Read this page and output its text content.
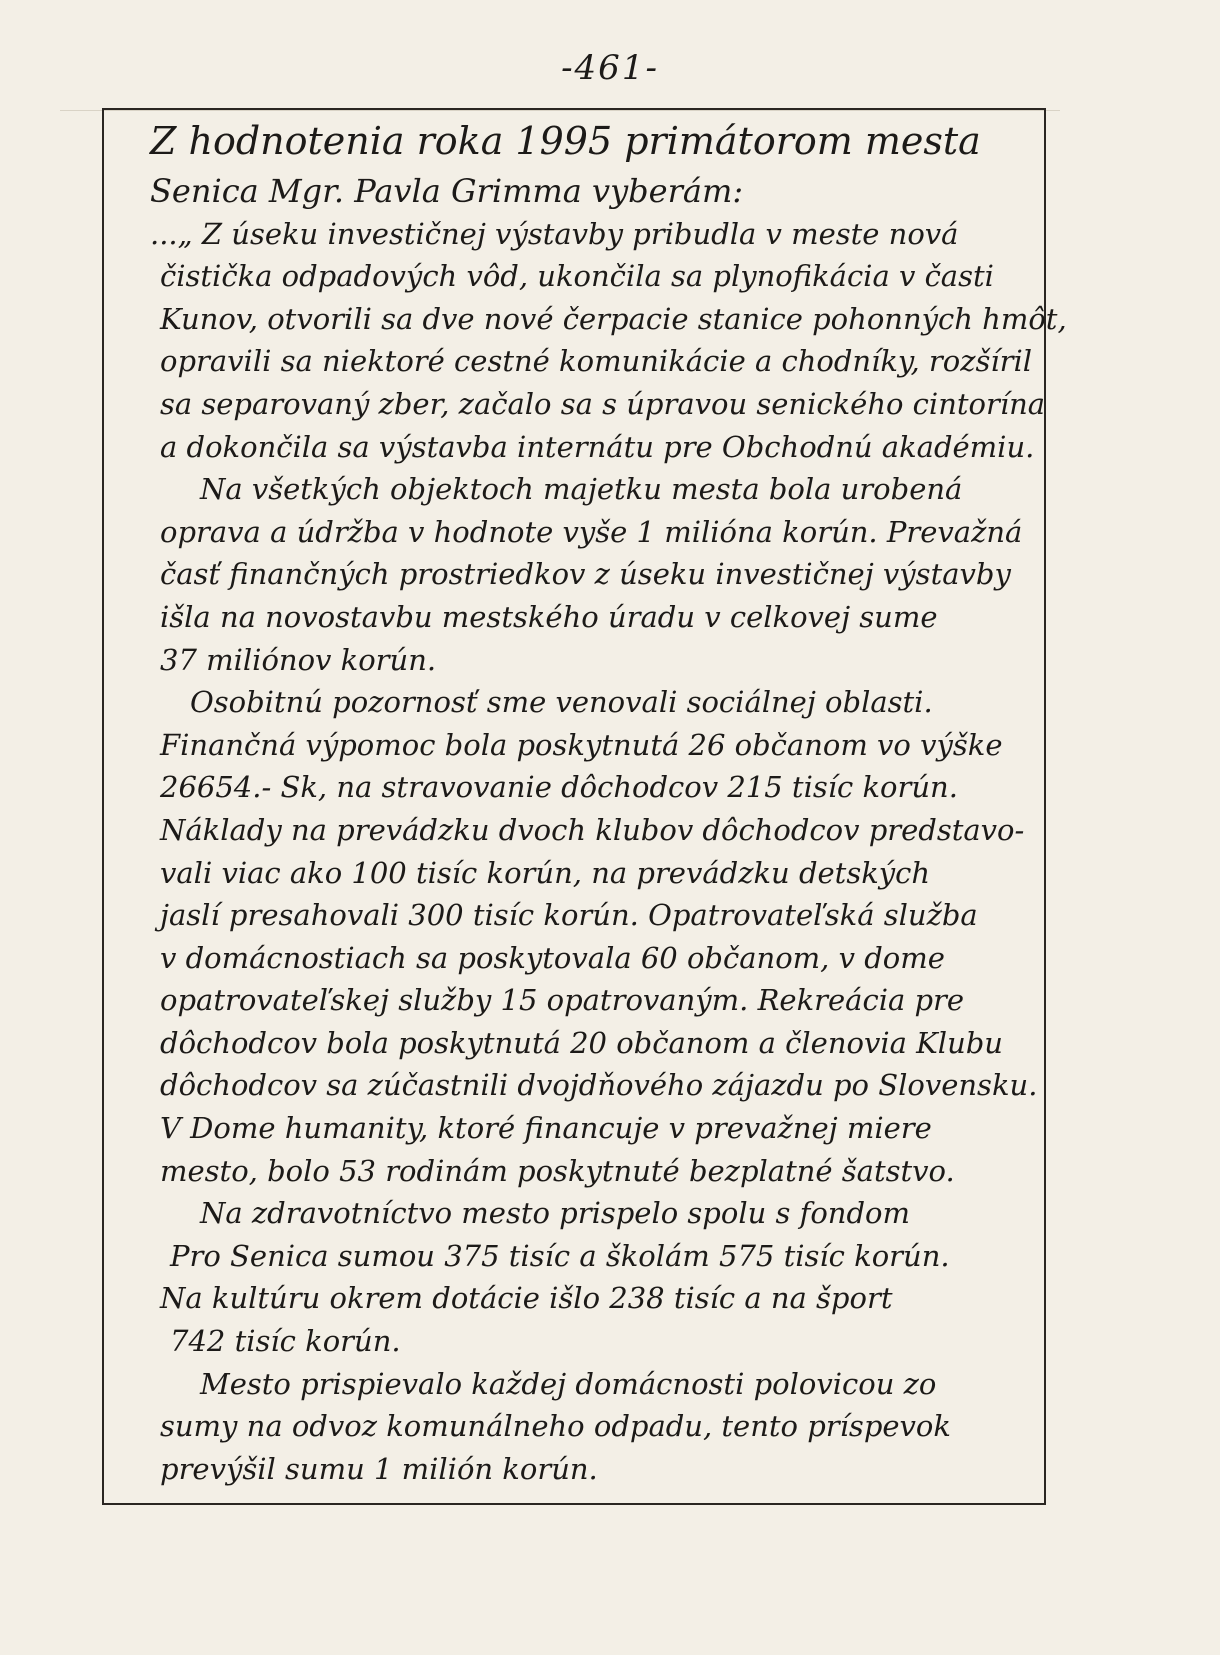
-461-
Z hodnotenia roka 1995 primátorom mesta
Senica Mgr. Pavla Grimma vyberám:
...„ Z úseku investičnej výstavby pribudla v meste nová
čistička odpadových vôd, ukončila sa plynofikácia v časti
Kunov, otvorili sa dve nové čerpacie stanice pohonných hmôt,
opravili sa niektoré cestné komunikácie a chodníky, rozšíril
sa separovaný zber, začalo sa s úpravou senického cintorína
a dokončila sa výstavba internátu pre Obchodnú akadémiu.
Na všetkých objektoch majetku mesta bola urobená
oprava a údržba v hodnote vyše 1 milióna korún. Prevažná
časť finančných prostriedkov z úseku investičnej výstavby
išla na novostavbu mestského úradu v celkovej sume
37 miliónov korún.
Osobitnú pozornosť sme venovali sociálnej oblasti.
Finančná výpomoc bola poskytnutá 26 občanom vo výške
26654.- Sk, na stravovanie dôchodcov 215 tisíc korún.
Náklady na prevádzku dvoch klubov dôchodcov predstavo-
vali viac ako 100 tisíc korún, na prevádzku detských
jaslí presahovali 300 tisíc korún. Opatrovateľská služba
v domácnostiach sa poskytovala 60 občanom, v dome
opatrovateľskej služby 15 opatrovaným. Rekreácia pre
dôchodcov bola poskytnutá 20 občanom a členovia Klubu
dôchodcov sa zúčastnili dvojdňového zájazdu po Slovensku.
V Dome humanity, ktoré financuje v prevažnej miere
mesto, bolo 53 rodinám poskytnuté bezplatné šatstvo.
Na zdravotníctvo mesto prispelo spolu s fondom
Pro Senica sumou 375 tisíc a školám 575 tisíc korún.
Na kultúru okrem dotácie išlo 238 tisíc a na šport
742 tisíc korún.
Mesto prispievalo každej domácnosti polovicou zo
sumy na odvoz komunálneho odpadu, tento príspevok
prevýšil sumu 1 milión korún.
